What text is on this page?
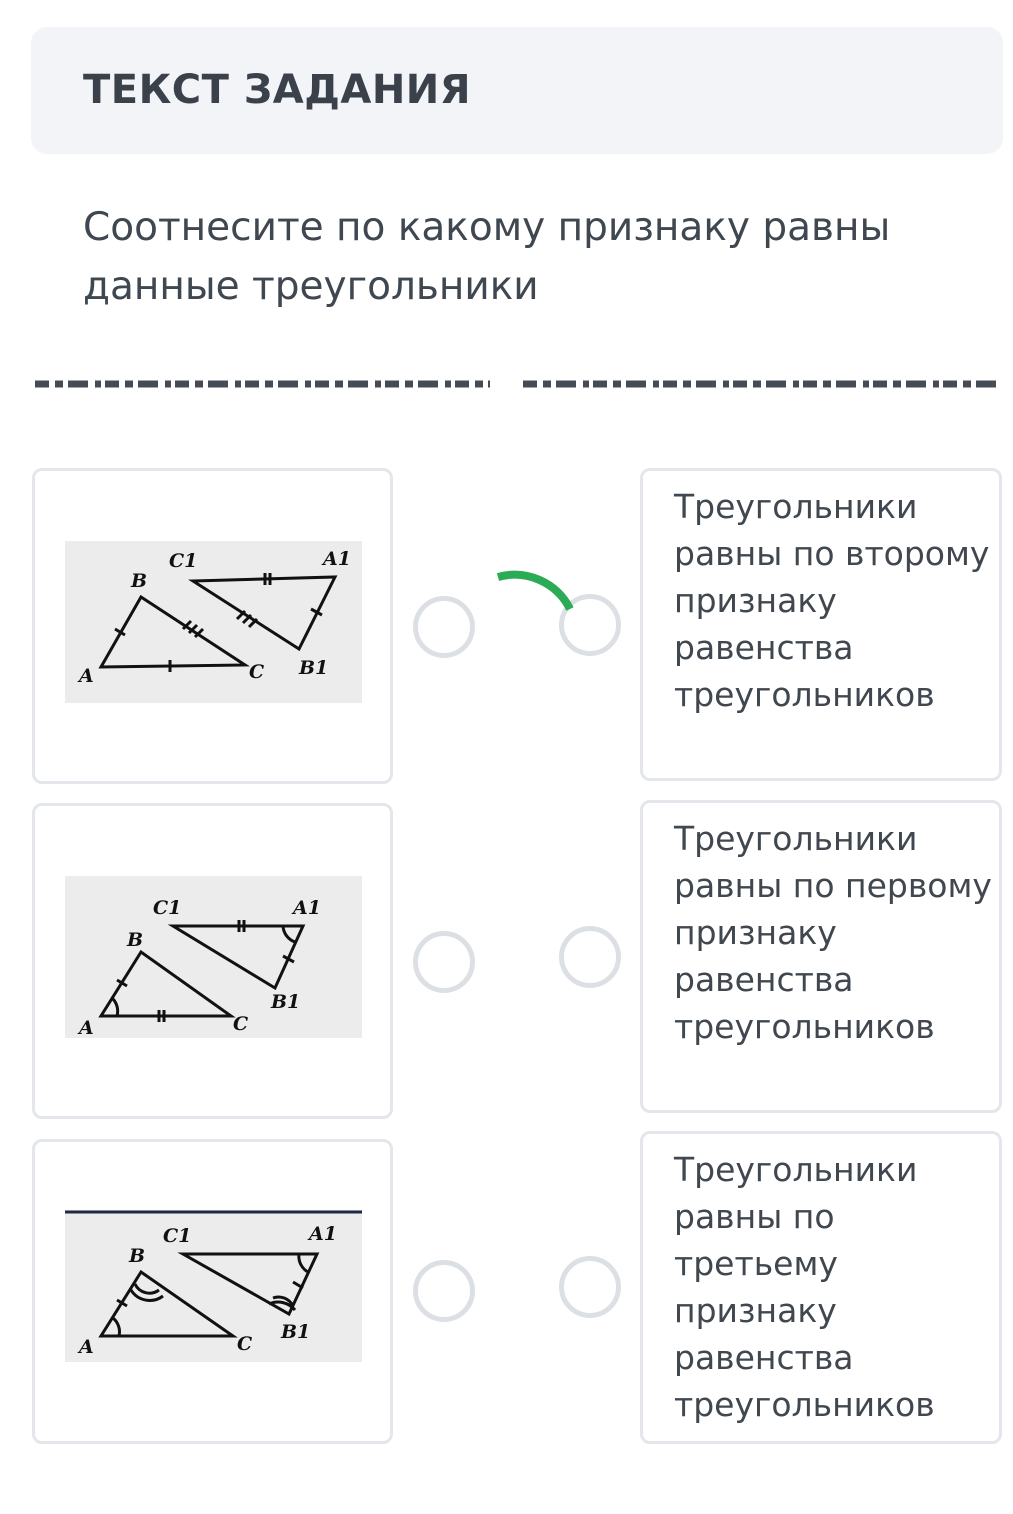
ТЕКСТ ЗАДАНИЯ
Соотнесите по какому признаку равны данные треугольники
B
C1	A1
A	C B1
B
C1	A1
A	C
B1
B
C1	A1
A	C
B1
Треугольники равны по второму признаку равенства треугольников
Треугольники равны по первому признаку равенства треугольников
Треугольники равны по третьему признаку равенства треугольников
